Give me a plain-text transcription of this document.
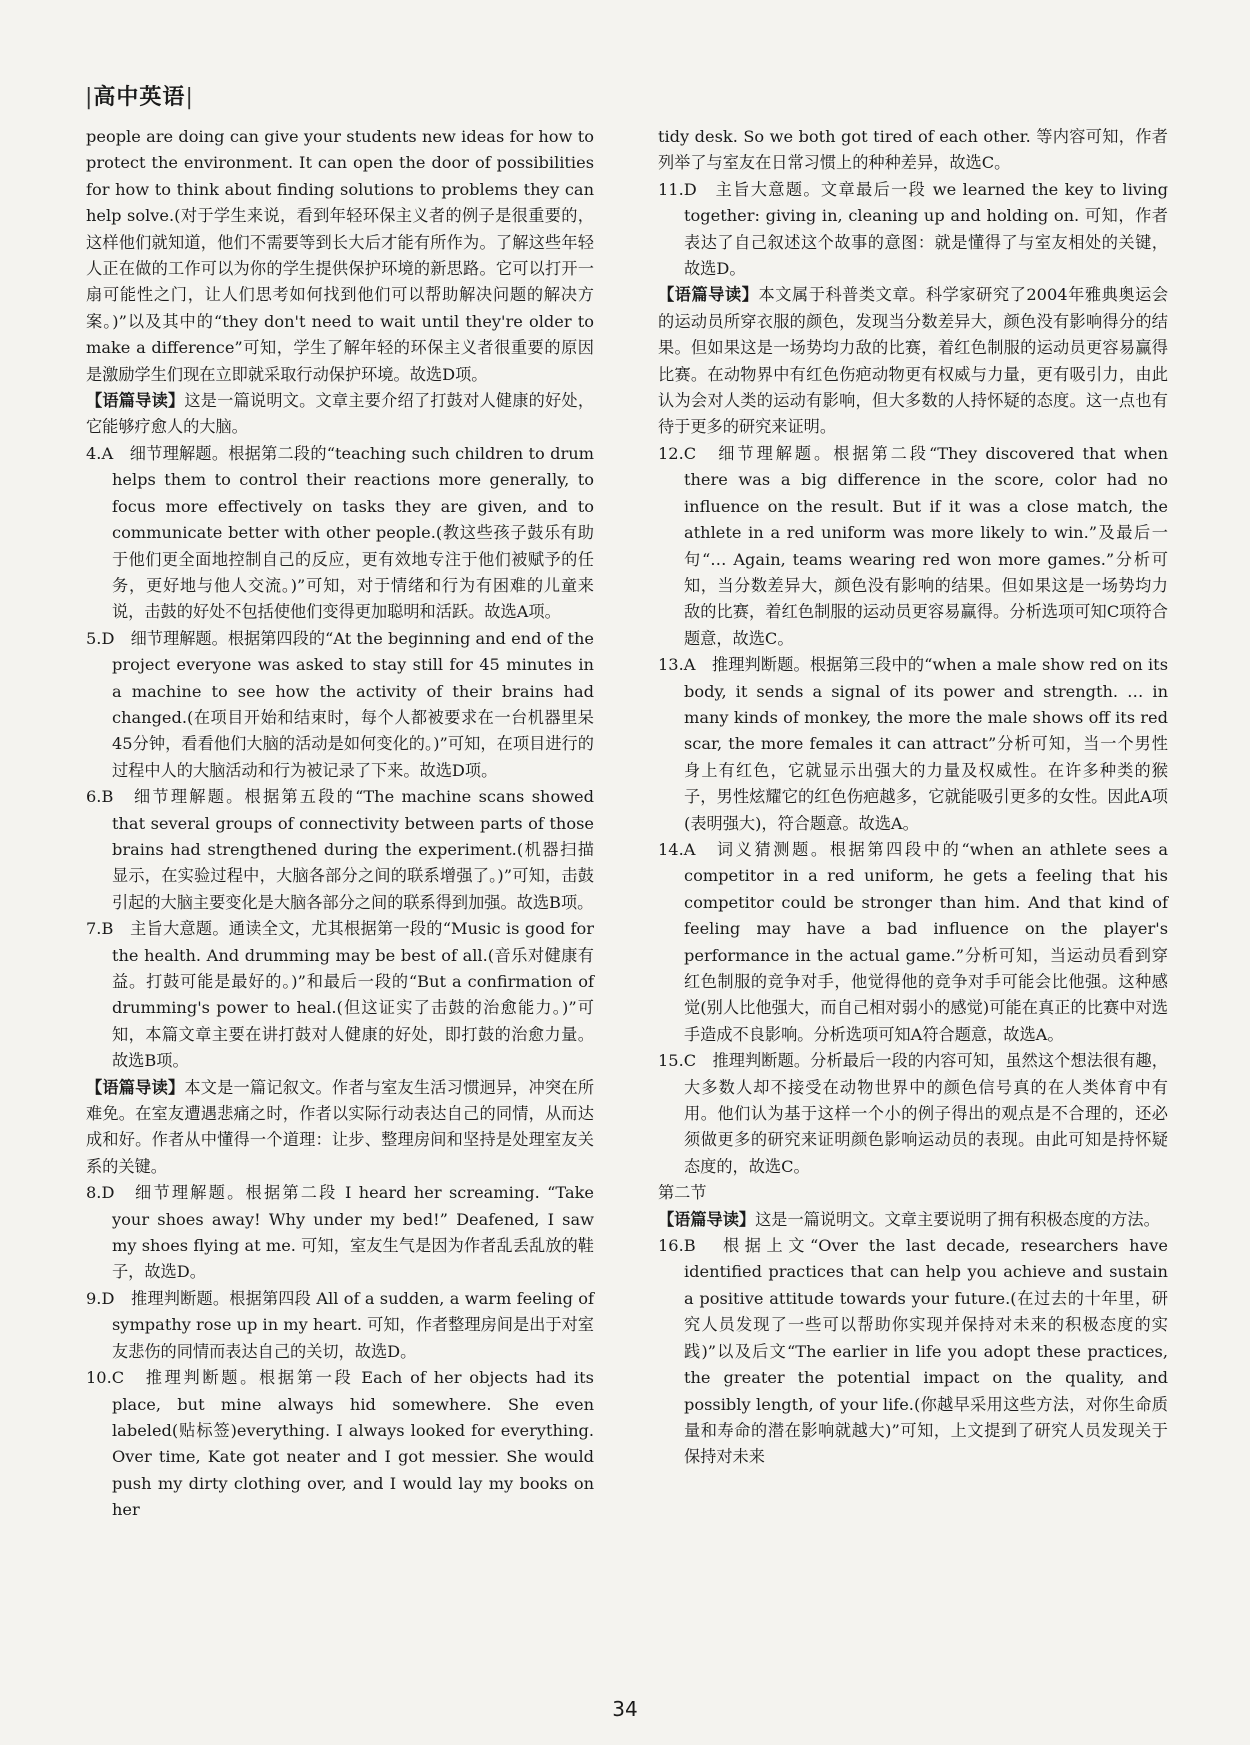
|高中英语|

people are doing can give your students new ideas for how to protect the environment. It can open the door of possibilities for how to think about finding solutions to problems they can help solve.(对于学生来说，看到年轻环保主义者的例子是很重要的，这样他们就知道，他们不需要等到长大后才能有所作为。了解这些年轻人正在做的工作可以为你的学生提供保护环境的新思路。它可以打开一扇可能性之门，让人们思考如何找到他们可以帮助解决问题的解决方案。)”以及其中的“they don't need to wait until they're older to make a difference”可知，学生了解年轻的环保主义者很重要的原因是激励学生们现在立即就采取行动保护环境。故选D项。

【语篇导读】这是一篇说明文。文章主要介绍了打鼓对人健康的好处，它能够疗愈人的大脑。

4.A　细节理解题。根据第二段的“teaching such children to drum helps them to control their reactions more generally, to focus more effectively on tasks they are given, and to communicate better with other people.(教这些孩子鼓乐有助于他们更全面地控制自己的反应，更有效地专注于他们被赋予的任务，更好地与他人交流。)”可知，对于情绪和行为有困难的儿童来说，击鼓的好处不包括使他们变得更加聪明和活跃。故选A项。

5.D　细节理解题。根据第四段的“At the beginning and end of the project everyone was asked to stay still for 45 minutes in a machine to see how the activity of their brains had changed.(在项目开始和结束时，每个人都被要求在一台机器里呆45分钟，看看他们大脑的活动是如何变化的。)”可知，在项目进行的过程中人的大脑活动和行为被记录了下来。故选D项。

6.B　细节理解题。根据第五段的“The machine scans showed that several groups of connectivity between parts of those brains had strengthened during the experiment.(机器扫描显示，在实验过程中，大脑各部分之间的联系增强了。)”可知，击鼓引起的大脑主要变化是大脑各部分之间的联系得到加强。故选B项。

7.B　主旨大意题。通读全文，尤其根据第一段的“Music is good for the health. And drumming may be best of all.(音乐对健康有益。打鼓可能是最好的。)”和最后一段的“But a confirmation of drumming's power to heal.(但这证实了击鼓的治愈能力。)”可知，本篇文章主要在讲打鼓对人健康的好处，即打鼓的治愈力量。故选B项。

【语篇导读】本文是一篇记叙文。作者与室友生活习惯迥异，冲突在所难免。在室友遭遇悲痛之时，作者以实际行动表达自己的同情，从而达成和好。作者从中懂得一个道理：让步、整理房间和坚持是处理室友关系的关键。

8.D　细节理解题。根据第二段 I heard her screaming. “Take your shoes away! Why under my bed!” Deafened, I saw my shoes flying at me. 可知，室友生气是因为作者乱丢乱放的鞋子，故选D。

9.D　推理判断题。根据第四段 All of a sudden, a warm feeling of sympathy rose up in my heart. 可知，作者整理房间是出于对室友悲伤的同情而表达自己的关切，故选D。

10.C　推理判断题。根据第一段 Each of her objects had its place, but mine always hid somewhere. She even labeled(贴标签)everything. I always looked for everything. Over time, Kate got neater and I got messier. She would push my dirty clothing over, and I would lay my books on her

tidy desk. So we both got tired of each other. 等内容可知，作者列举了与室友在日常习惯上的种种差异，故选C。

11.D　主旨大意题。文章最后一段 we learned the key to living together: giving in, cleaning up and holding on. 可知，作者表达了自己叙述这个故事的意图：就是懂得了与室友相处的关键，故选D。

【语篇导读】本文属于科普类文章。科学家研究了2004年雅典奥运会的运动员所穿衣服的颜色，发现当分数差异大，颜色没有影响得分的结果。但如果这是一场势均力敌的比赛，着红色制服的运动员更容易赢得比赛。在动物界中有红色伤疤动物更有权威与力量，更有吸引力，由此认为会对人类的运动有影响，但大多数的人持怀疑的态度。这一点也有待于更多的研究来证明。

12.C　细节理解题。根据第二段“They discovered that when there was a big difference in the score, color had no influence on the result. But if it was a close match, the athlete in a red uniform was more likely to win.”及最后一句“… Again, teams wearing red won more games.”分析可知，当分数差异大，颜色没有影响的结果。但如果这是一场势均力敌的比赛，着红色制服的运动员更容易赢得。分析选项可知C项符合题意，故选C。

13.A　推理判断题。根据第三段中的“when a male show red on its body, it sends a signal of its power and strength. … in many kinds of monkey, the more the male shows off its red scar, the more females it can attract”分析可知，当一个男性身上有红色，它就显示出强大的力量及权威性。在许多种类的猴子，男性炫耀它的红色伤疤越多，它就能吸引更多的女性。因此A项(表明强大)，符合题意。故选A。

14.A　词义猜测题。根据第四段中的“when an athlete sees a competitor in a red uniform, he gets a feeling that his competitor could be stronger than him. And that kind of feeling may have a bad influence on the player's performance in the actual game.”分析可知，当运动员看到穿红色制服的竞争对手，他觉得他的竞争对手可能会比他强。这种感觉(别人比他强大，而自己相对弱小的感觉)可能在真正的比赛中对选手造成不良影响。分析选项可知A符合题意，故选A。

15.C　推理判断题。分析最后一段的内容可知，虽然这个想法很有趣，大多数人却不接受在动物世界中的颜色信号真的在人类体育中有用。他们认为基于这样一个小的例子得出的观点是不合理的，还必须做更多的研究来证明颜色影响运动员的表现。由此可知是持怀疑态度的，故选C。

第二节

【语篇导读】这是一篇说明文。文章主要说明了拥有积极态度的方法。

16.B　根据上文“Over the last decade, researchers have identified practices that can help you achieve and sustain a positive attitude towards your future.(在过去的十年里，研究人员发现了一些可以帮助你实现并保持对未来的积极态度的实践)”以及后文“The earlier in life you adopt these practices, the greater the potential impact on the quality, and possibly length, of your life.(你越早采用这些方法，对你生命质量和寿命的潜在影响就越大)”可知，上文提到了研究人员发现关于保持对未来

34
